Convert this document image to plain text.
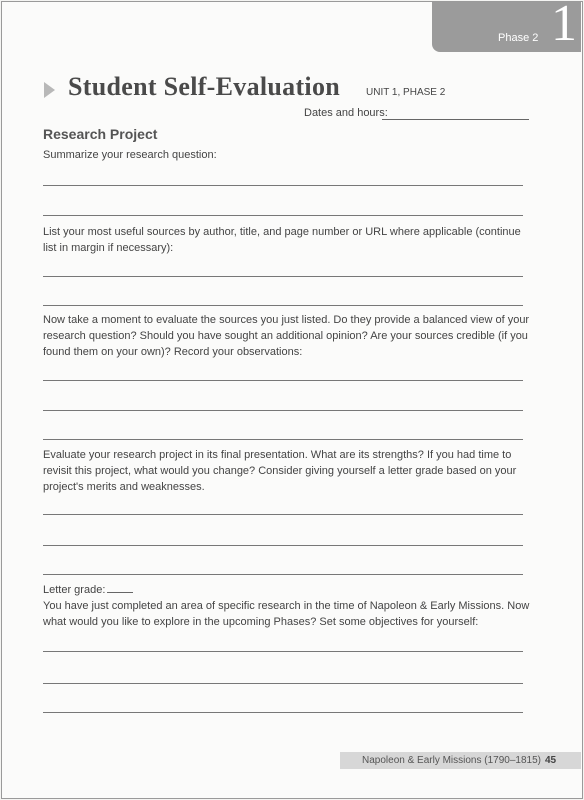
Phase 2 1
Student Self-Evaluation	UNIT 1, PHASE 2
Dates and hours:
Research Project
Summarize your research question:
List your most useful sources by author, title, and page number or URL where applicable (continue list in margin if necessary):
Now take a moment to evaluate the sources you just listed. Do they provide a balanced view of your research question? Should you have sought an additional opinion? Are your sources credible (if you found them on your own)? Record your observations:
Evaluate your research project in its final presentation. What are its strengths? If you had time to revisit this project, what would you change? Consider giving yourself a letter grade based on your project's merits and weaknesses.
Letter grade:
You have just completed an area of specific research in the time of Napoleon & Early Missions. Now what would you like to explore in the upcoming Phases? Set some objectives for yourself:
Napoleon & Early Missions (1790–1815) 45
